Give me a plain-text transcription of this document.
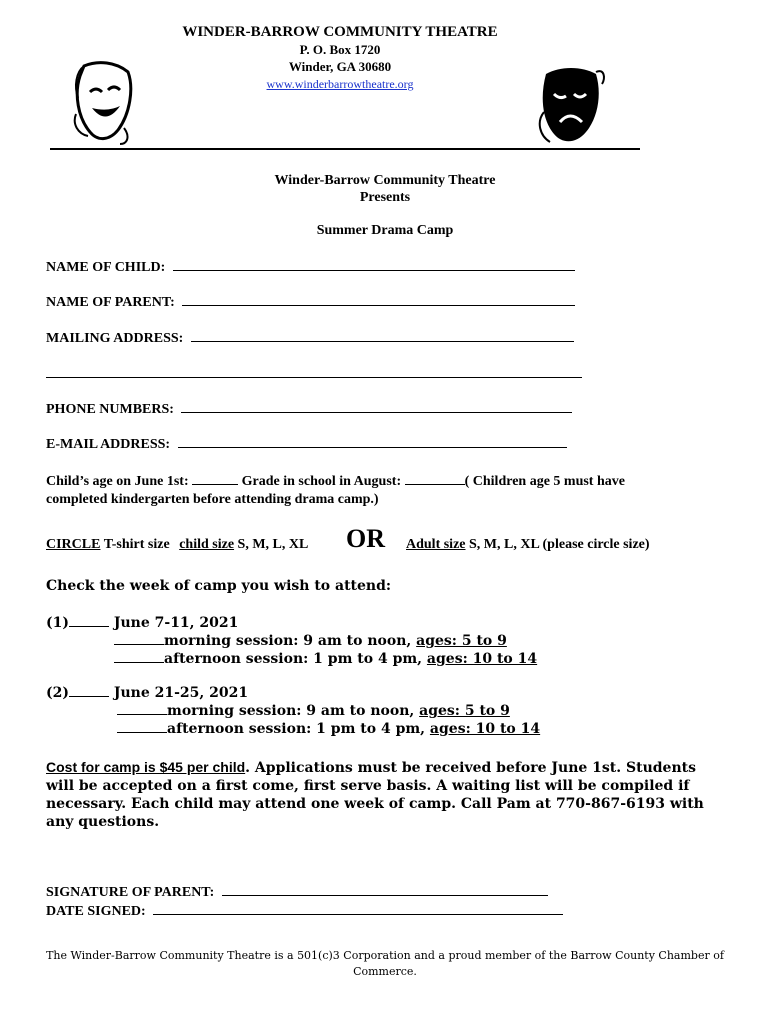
WINDER-BARROW COMMUNITY THEATRE
P. O. Box 1720
Winder, GA 30680
www.winderbarrowtheatre.org
Winder-Barrow Community Theatre
Presents
Summer Drama Camp
NAME OF CHILD:
NAME OF PARENT:
MAILING ADDRESS:
PHONE NUMBERS:
E-MAIL ADDRESS:
Child’s age on June 1st:	Grade in school in August:	( Children age 5 must have
completed kindergarten before attending drama camp.)
CIRCLE T-shirt size child size S, M, L, XL OR Adult size S, M, L, XL (please circle size)
Check the week of camp you wish to attend:
(1)	June 7-11, 2021
morning session: 9 am to noon, ages: 5 to 9
afternoon session: 1 pm to 4 pm, ages: 10 to 14
(2)	June 21-25, 2021
morning session: 9 am to noon, ages: 5 to 9
afternoon session: 1 pm to 4 pm, ages: 10 to 14
Cost for camp is $45 per child. Applications must be received before June 1st. Students will be accepted on a first come, first serve basis. A waiting list will be compiled if necessary. Each child may attend one week of camp. Call Pam at 770-867-6193 with any questions.
SIGNATURE OF PARENT:
DATE SIGNED:
The Winder-Barrow Community Theatre is a 501(c)3 Corporation and a proud member of the Barrow County Chamber of Commerce.
